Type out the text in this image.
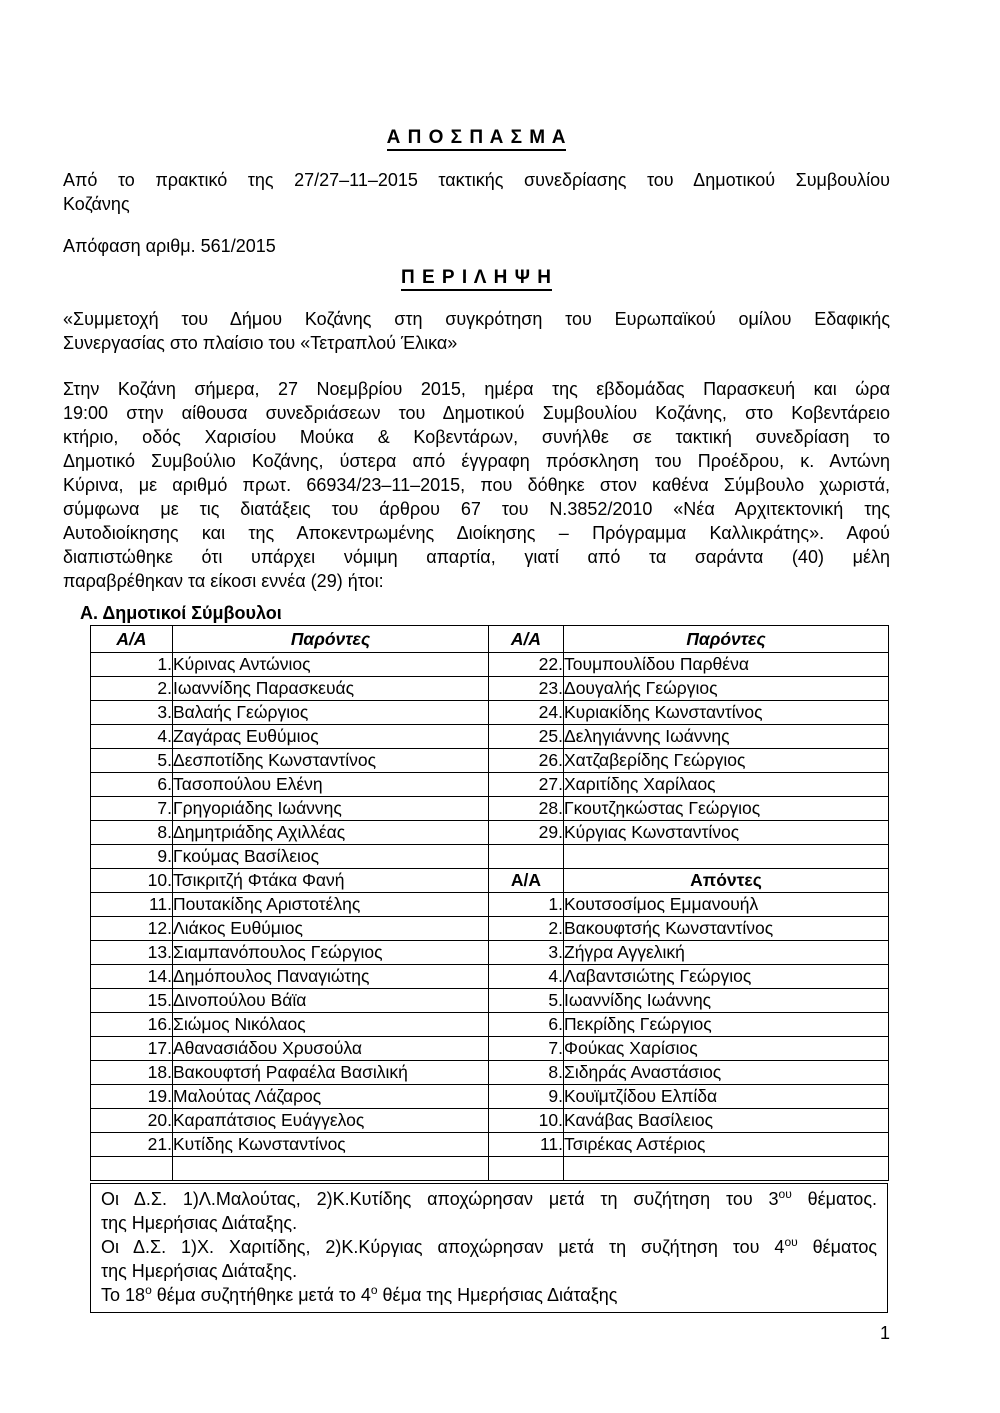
Α Π Ο Σ Π Α Σ Μ Α
Από το πρακτικό της 27/27–11–2015 τακτικής συνεδρίασης του Δημοτικού Συμβουλίου
Κοζάνης
Απόφαση αριθμ. 561/2015
Π Ε Ρ Ι Λ Η Ψ Η
«Συμμετοχή του Δήμου Κοζάνης στη συγκρότηση του Ευρωπαϊκού ομίλου Εδαφικής
Συνεργασίας στο πλαίσιο του «Τετραπλού Έλικα»
Στην Κοζάνη σήμερα, 27 Νοεμβρίου 2015, ημέρα της εβδομάδας Παρασκευή και ώρα
19:00 στην αίθουσα συνεδριάσεων του Δημοτικού Συμβουλίου Κοζάνης, στο Κοβεντάρειο
κτήριο, οδός Χαρισίου Μούκα & Κοβεντάρων, συνήλθε σε τακτική συνεδρίαση το
Δημοτικό Συμβούλιο Κοζάνης, ύστερα από έγγραφη πρόσκληση του Προέδρου, κ. Αντώνη
Κύρινα, με αριθμό πρωτ. 66934/23–11–2015, που δόθηκε στον καθένα Σύμβουλο χωριστά,
σύμφωνα με τις διατάξεις του άρθρου 67 του Ν.3852/2010 «Νέα Αρχιτεκτονική της
Αυτοδιοίκησης και της Αποκεντρωμένης Διοίκησης – Πρόγραμμα Καλλικράτης». Αφού
διαπιστώθηκε ότι υπάρχει νόμιμη απαρτία, γιατί από τα σαράντα (40) μέλη
παραβρέθηκαν τα είκοσι εννέα (29) ήτοι:
Α. Δημοτικοί Σύμβουλοι
Α/Α	Παρόντες	Α/Α	Παρόντες
1.	Κύρινας Αντώνιος	22.	Τουμπουλίδου Παρθένα
2.	Ιωαννίδης Παρασκευάς	23.	Δουγαλής Γεώργιος
3.	Βαλαής Γεώργιος	24.	Κυριακίδης Κωνσταντίνος
4.	Ζαγάρας Ευθύμιος	25.	Δεληγιάννης Ιωάννης
5.	Δεσποτίδης Κωνσταντίνος	26.	Χατζαβερίδης Γεώργιος
6.	Τασοπούλου Ελένη	27.	Χαριτίδης Χαρίλαος
7.	Γρηγοριάδης Ιωάννης	28.	Γκουτζηκώστας Γεώργιος
8.	Δημητριάδης Αχιλλέας	29.	Κύργιας Κωνσταντίνος
9.	Γκούμας Βασίλειος		
10.	Τσικριτζή Φτάκα Φανή	Α/Α	Απόντες
11.	Πουτακίδης Αριστοτέλης	1.	Κουτσοσίμος Εμμανουήλ
12.	Λιάκος Ευθύμιος	2.	Βακουφτσής Κωνσταντίνος
13.	Σιαμπανόπουλος Γεώργιος	3.	Ζήγρα Αγγελική
14.	Δημόπουλος Παναγιώτης	4.	Λαβαντσιώτης Γεώργιος
15.	Δινοπούλου Βάϊα	5.	Ιωαννίδης Ιωάννης
16.	Σιώμος Νικόλαος	6.	Πεκρίδης Γεώργιος
17.	Αθανασιάδου Χρυσούλα	7.	Φούκας Χαρίσιος
18.	Βακουφτσή Ραφαέλα Βασιλική	8.	Σιδηράς Αναστάσιος
19.	Μαλούτας Λάζαρος	9.	Κουϊμτζίδου Ελπίδα
20.	Καραπάτσιος Ευάγγελος	10.	Κανάβας Βασίλειος
21.	Κυτίδης Κωνσταντίνος	11.	Τσιρέκας Αστέριος

Οι Δ.Σ. 1)Λ.Μαλούτας, 2)Κ.Κυτίδης αποχώρησαν μετά τη συζήτηση του $3^{o\upsilon}$ θέματος.
της Ημερήσιας Διάταξης.
Οι Δ.Σ. 1)Χ. Χαριτίδης, 2)Κ.Κύργιας αποχώρησαν μετά τη συζήτηση του $4^{o\upsilon}$ θέματος
της Ημερήσιας Διάταξης.
Το $18^o$ θέμα συζητήθηκε μετά το $4^o$ θέμα της Ημερήσιας Διάταξης
1
